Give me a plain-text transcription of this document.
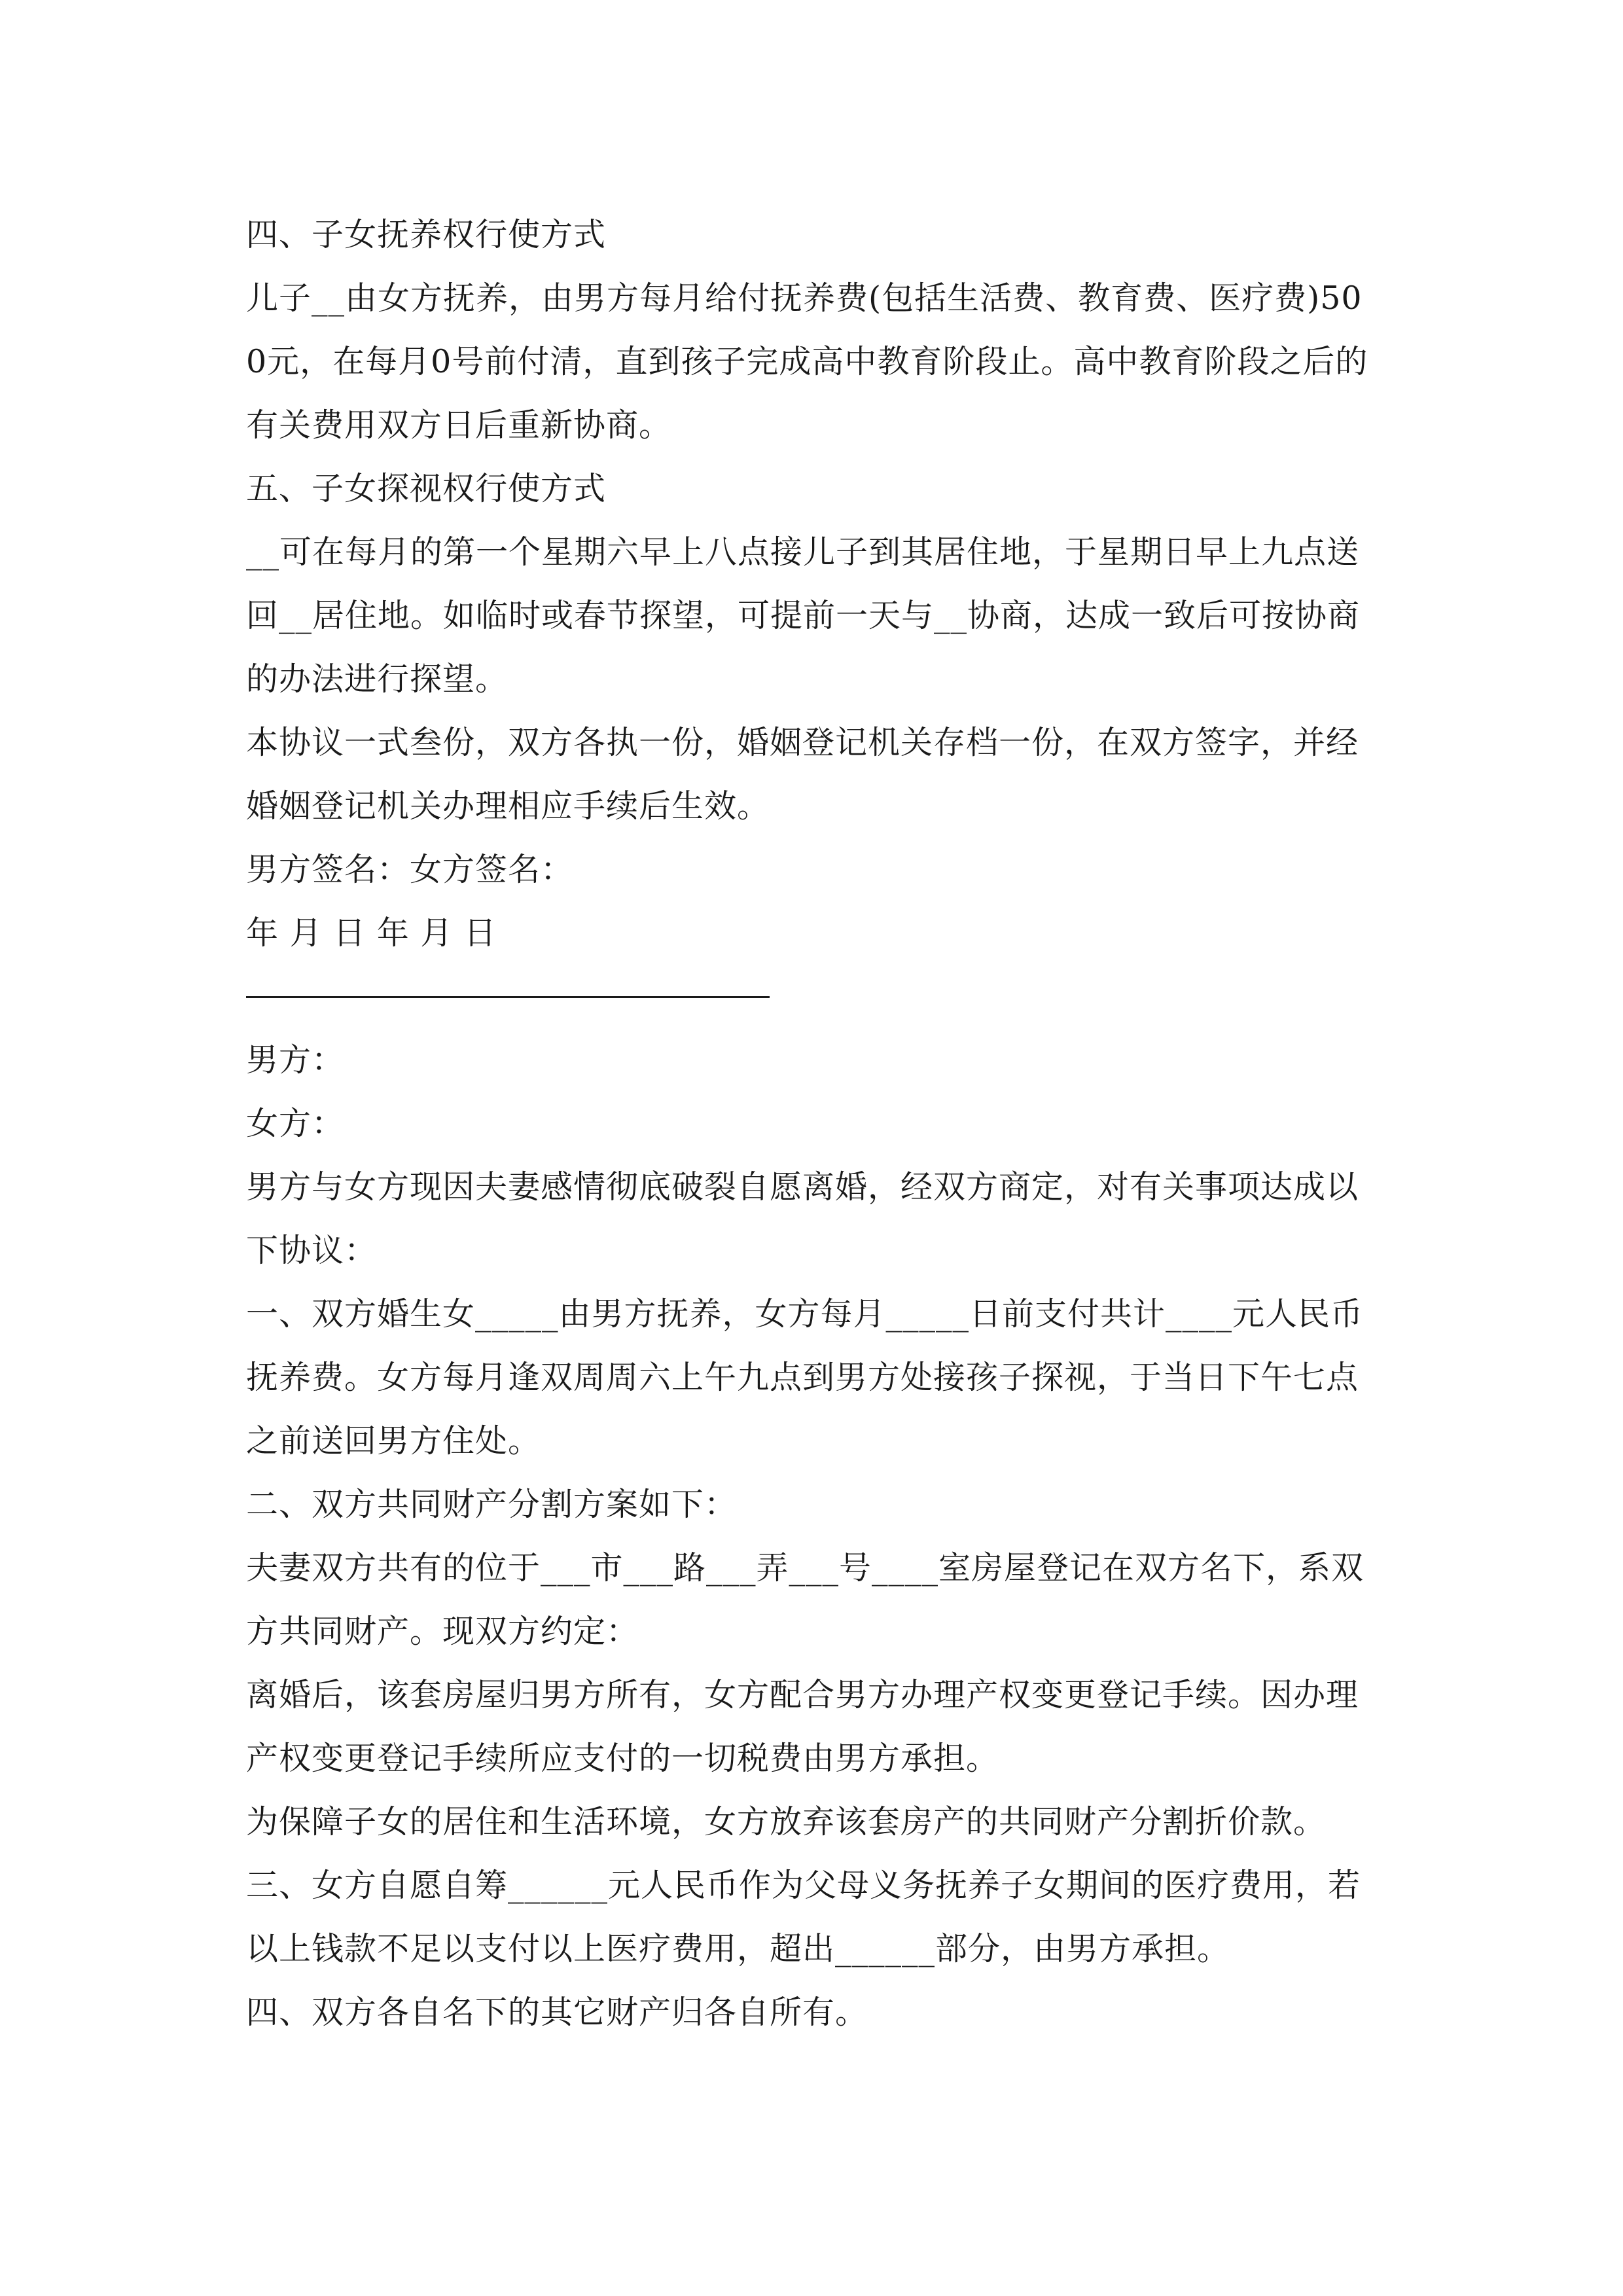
四、子女抚养权行使方式

儿子__由女方抚养，由男方每月给付抚养费(包括生活费、教育费、医疗费)500元，在每月0号前付清，直到孩子完成高中教育阶段止。高中教育阶段之后的有关费用双方日后重新协商。

五、子女探视权行使方式

__可在每月的第一个星期六早上八点接儿子到其居住地，于星期日早上九点送回__居住地。如临时或春节探望，可提前一天与__协商，达成一致后可按协商的办法进行探望。

本协议一式叁份，双方各执一份，婚姻登记机关存档一份，在双方签字，并经婚姻登记机关办理相应手续后生效。

男方签名：女方签名：

年 月 日 年 月 日

男方：

女方：

男方与女方现因夫妻感情彻底破裂自愿离婚，经双方商定，对有关事项达成以下协议：

一、双方婚生女_____由男方抚养，女方每月_____日前支付共计____元人民币抚养费。女方每月逢双周周六上午九点到男方处接孩子探视，于当日下午七点之前送回男方住处。

二、双方共同财产分割方案如下：

夫妻双方共有的位于___市___路___弄___号____室房屋登记在双方名下，系双方共同财产。现双方约定：

离婚后，该套房屋归男方所有，女方配合男方办理产权变更登记手续。因办理产权变更登记手续所应支付的一切税费由男方承担。

为保障子女的居住和生活环境，女方放弃该套房产的共同财产分割折价款。

三、女方自愿自筹______元人民币作为父母义务抚养子女期间的医疗费用，若以上钱款不足以支付以上医疗费用，超出______部分，由男方承担。

四、双方各自名下的其它财产归各自所有。
